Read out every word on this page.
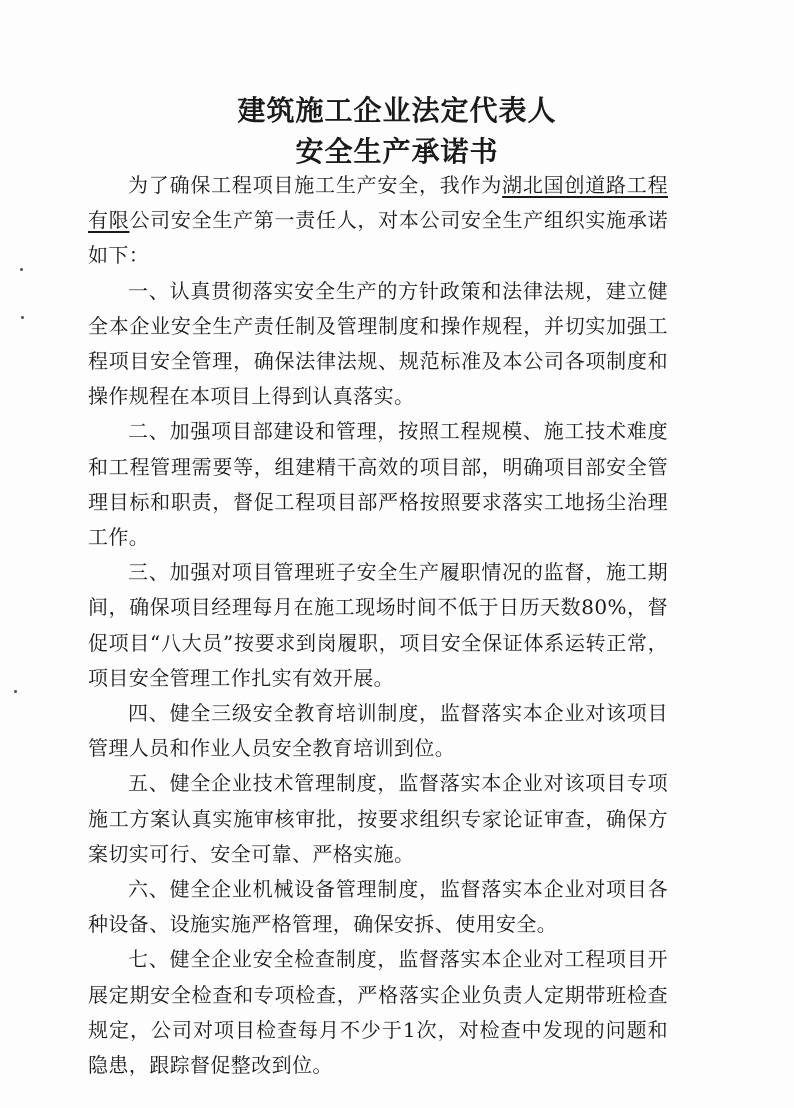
建筑施工企业法定代表人
安全生产承诺书

为了确保工程项目施工生产安全，我作为湖北国创道路工程有限公司安全生产第一责任人，对本公司安全生产组织实施承诺如下：

一、认真贯彻落实安全生产的方针政策和法律法规，建立健全本企业安全生产责任制及管理制度和操作规程，并切实加强工程项目安全管理，确保法律法规、规范标准及本公司各项制度和操作规程在本项目上得到认真落实。

二、加强项目部建设和管理，按照工程规模、施工技术难度和工程管理需要等，组建精干高效的项目部，明确项目部安全管理目标和职责，督促工程项目部严格按照要求落实工地扬尘治理工作。

三、加强对项目管理班子安全生产履职情况的监督，施工期间，确保项目经理每月在施工现场时间不低于日历天数80%，督促项目“八大员”按要求到岗履职，项目安全保证体系运转正常，项目安全管理工作扎实有效开展。

四、健全三级安全教育培训制度，监督落实本企业对该项目管理人员和作业人员安全教育培训到位。

五、健全企业技术管理制度，监督落实本企业对该项目专项施工方案认真实施审核审批，按要求组织专家论证审查，确保方案切实可行、安全可靠、严格实施。

六、健全企业机械设备管理制度，监督落实本企业对项目各种设备、设施实施严格管理，确保安拆、使用安全。

七、健全企业安全检查制度，监督落实本企业对工程项目开展定期安全检查和专项检查，严格落实企业负责人定期带班检查规定，公司对项目检查每月不少于1次，对检查中发现的问题和隐患，跟踪督促整改到位。
